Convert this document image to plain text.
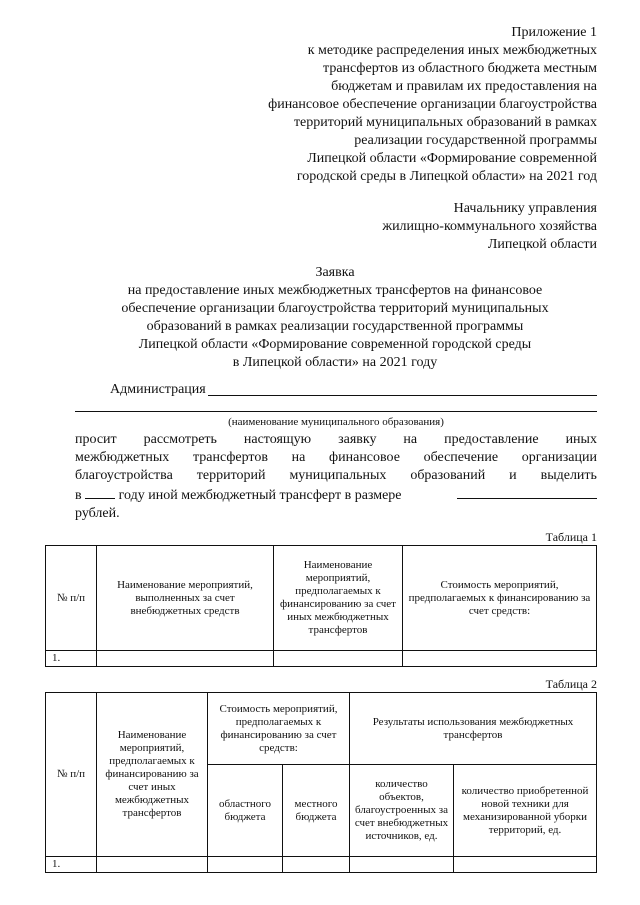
Приложение 1
к методике распределения иных межбюджетных
трансфертов из областного бюджета местным
бюджетам и правилам их предоставления на
финансовое обеспечение организации благоустройства
территорий муниципальных образований в рамках
реализации государственной программы
Липецкой области «Формирование современной
городской среды в Липецкой области» на 2021 год
Начальнику управления
жилищно-коммунального хозяйства
Липецкой области
Заявка
на предоставление иных межбюджетных трансфертов на финансовое
обеспечение организации благоустройства территорий муниципальных
образований в рамках реализации государственной программы
Липецкой области «Формирование современной городской среды
в Липецкой области» на 2021 году
Администрация
(наименование муниципального образования)
просит рассмотреть настоящую заявку на предоставление иных
межбюджетных трансфертов на финансовое обеспечение организации
благоустройства территорий муниципальных образований и выделить
в	году иной межбюджетный трансферт в размере
рублей.
Таблица 1
№ п/п	Наименование мероприятий, выполненных за счет внебюджетных средств	Наименование мероприятий, предполагаемых к финансированию за счет иных межбюджетных трансфертов	Стоимость мероприятий, предполагаемых к финансированию за счет средств:
1.			
Таблица 2
№ п/п	Наименование мероприятий, предполагаемых к финансированию за счет иных межбюджетных трансфертов	Стоимость мероприятий, предполагаемых к финансированию за счет средств:		Результаты использования межбюджетных трансфертов	
		областного бюджета	местного бюджета	количество объектов, благоустроенных за счет внебюджетных источников, ед.	количество приобретенной новой техники для механизированной уборки территорий, ед.
1.					
